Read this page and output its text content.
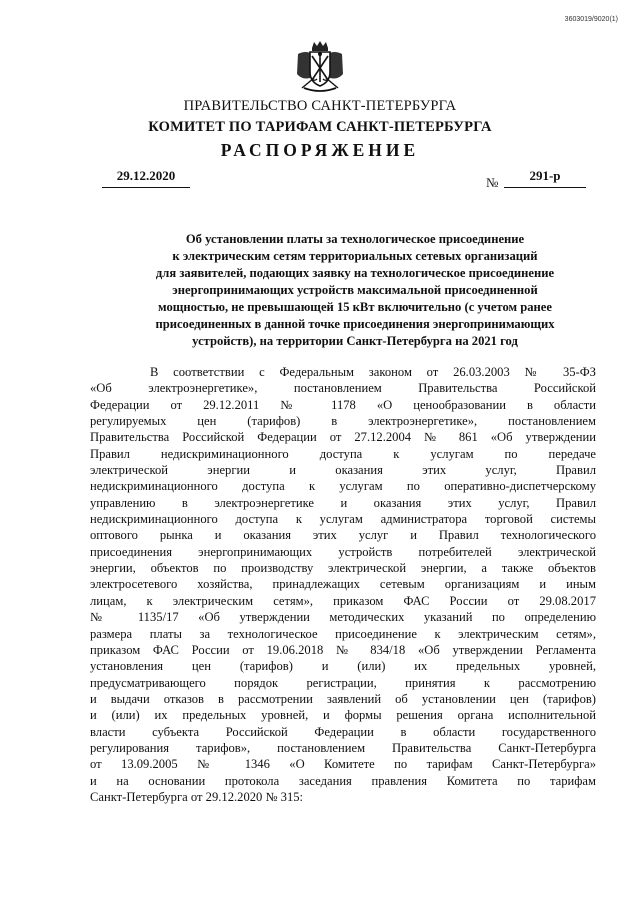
3603019/9020(1)
ПРАВИТЕЛЬСТВО САНКТ-ПЕТЕРБУРГА
КОМИТЕТ ПО ТАРИФАМ САНКТ-ПЕТЕРБУРГА
РАСПОРЯЖЕНИЕ
29.12.2020	№	291-р
Об установлении платы за технологическое присоединение
к электрическим сетям территориальных сетевых организаций
для заявителей, подающих заявку на технологическое присоединение
энергопринимающих устройств максимальной присоединенной
мощностью, не превышающей 15 кВт включительно (с учетом ранее
присоединенных в данной точке присоединения энергопринимающих
устройств), на территории Санкт-Петербурга на 2021 год
В соответствии с Федеральным законом от 26.03.2003 № 35-ФЗ
«Об электроэнергетике», постановлением Правительства Российской
Федерации от 29.12.2011 № 1178 «О ценообразовании в области
регулируемых цен (тарифов) в электроэнергетике», постановлением
Правительства Российской Федерации от 27.12.2004 № 861 «Об утверждении
Правил недискриминационного доступа к услугам по передаче
электрической энергии и оказания этих услуг, Правил
недискриминационного доступа к услугам по оперативно-диспетчерскому
управлению в электроэнергетике и оказания этих услуг, Правил
недискриминационного доступа к услугам администратора торговой системы
оптового рынка и оказания этих услуг и Правил технологического
присоединения энергопринимающих устройств потребителей электрической
энергии, объектов по производству электрической энергии, а также объектов
электросетевого хозяйства, принадлежащих сетевым организациям и иным
лицам, к электрическим сетям», приказом ФАС России от 29.08.2017
№ 1135/17 «Об утверждении методических указаний по определению
размера платы за технологическое присоединение к электрическим сетям»,
приказом ФАС России от 19.06.2018 № 834/18 «Об утверждении Регламента
установления цен (тарифов) и (или) их предельных уровней,
предусматривающего порядок регистрации, принятия к рассмотрению
и выдачи отказов в рассмотрении заявлений об установлении цен (тарифов)
и (или) их предельных уровней, и формы решения органа исполнительной
власти субъекта Российской Федерации в области государственного
регулирования тарифов», постановлением Правительства Санкт-Петербурга
от 13.09.2005 № 1346 «О Комитете по тарифам Санкт-Петербурга»
и на основании протокола заседания правления Комитета по тарифам
Санкт-Петербурга от 29.12.2020 № 315:
